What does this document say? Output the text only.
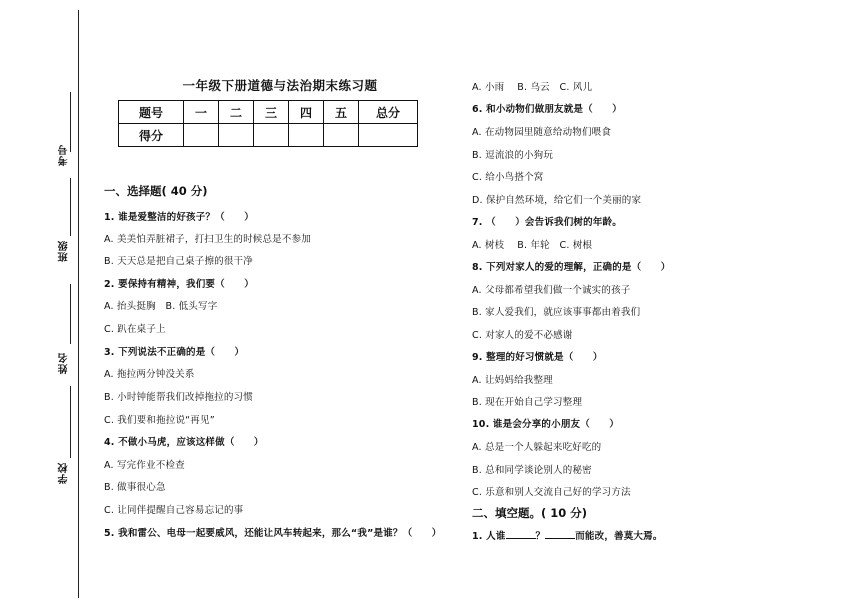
考号
班级
姓名
学校
一年级下册道德与法治期末练习题
题号	一	二	三	四	五	总分
得分						
一、选择题( 40 分)
1. 谁是爱整洁的好孩子？（　　）
A. 美美怕弄脏裙子，打扫卫生的时候总是不参加
B. 天天总是把自己桌子擦的很干净
2. 要保持有精神，我们要（　　）
A. 抬头挺胸　B. 低头写字
C. 趴在桌子上
3. 下列说法不正确的是（　　）
A. 拖拉两分钟没关系
B. 小时钟能帮我们改掉拖拉的习惯
C. 我们要和拖拉说“再见”
4. 不做小马虎，应该这样做（　　）
A. 写完作业不检查
B. 做事很心急
C. 让同伴提醒自己容易忘记的事
5. 我和雷公、电母一起要威风，还能让风车转起来，那么“我”是谁？（　　）
A. 小雨　 B. 乌云　C. 风儿
6. 和小动物们做朋友就是（　　）
A. 在动物园里随意给动物们喂食
B. 逗流浪的小狗玩
C. 给小鸟搭个窝
D. 保护自然环境，给它们一个美丽的家
7. （　　）会告诉我们树的年龄。
A. 树枝　 B. 年轮　C. 树根
8. 下列对家人的爱的理解，正确的是（　　）
A. 父母都希望我们做一个诚实的孩子
B. 家人爱我们，就应该事事都由着我们
C. 对家人的爱不必感谢
9. 整理的好习惯就是（　　）
A. 让妈妈给我整理
B. 现在开始自己学习整理
10. 谁是会分享的小朋友（　　）
A. 总是一个人躲起来吃好吃的
B. 总和同学谈论别人的秘密
C. 乐意和别人交流自己好的学习方法
二、填空题。( 10 分)
1. 人谁	？	而能改，善莫大焉。
